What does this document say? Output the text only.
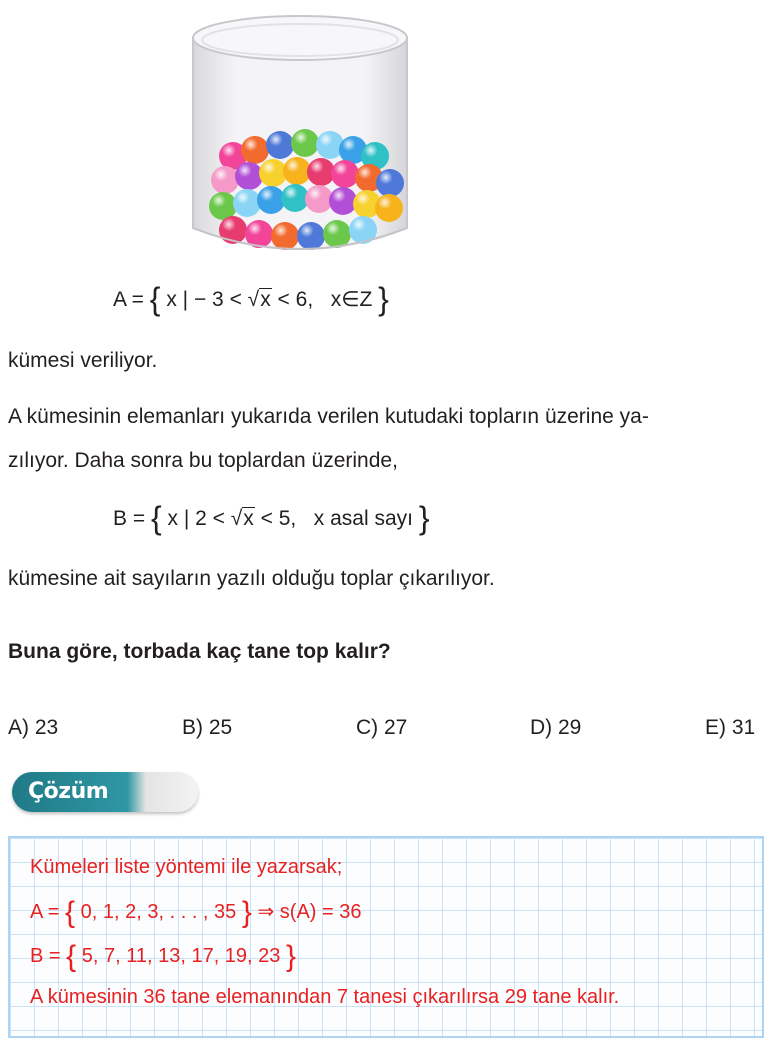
A = { x | − 3 < √x < 6, x∈Z }
kümesi veriliyor.
A kümesinin elemanları yukarıda verilen kutudaki topların üzerine ya-
zılıyor. Daha sonra bu toplardan üzerinde,
B = { x | 2 < √x < 5, x asal sayı }
kümesine ait sayıların yazılı olduğu toplar çıkarılıyor.
Buna göre, torbada kaç tane top kalır?
A) 23	B) 25	C) 27	D) 29	E) 31
Çözüm
Kümeleri liste yöntemi ile yazarsak;
A = { 0, 1, 2, 3, . . . , 35 } ⇒ s(A) = 36
B = { 5, 7, 11, 13, 17, 19, 23 }
A kümesinin 36 tane elemanından 7 tanesi çıkarılırsa 29 tane kalır.
